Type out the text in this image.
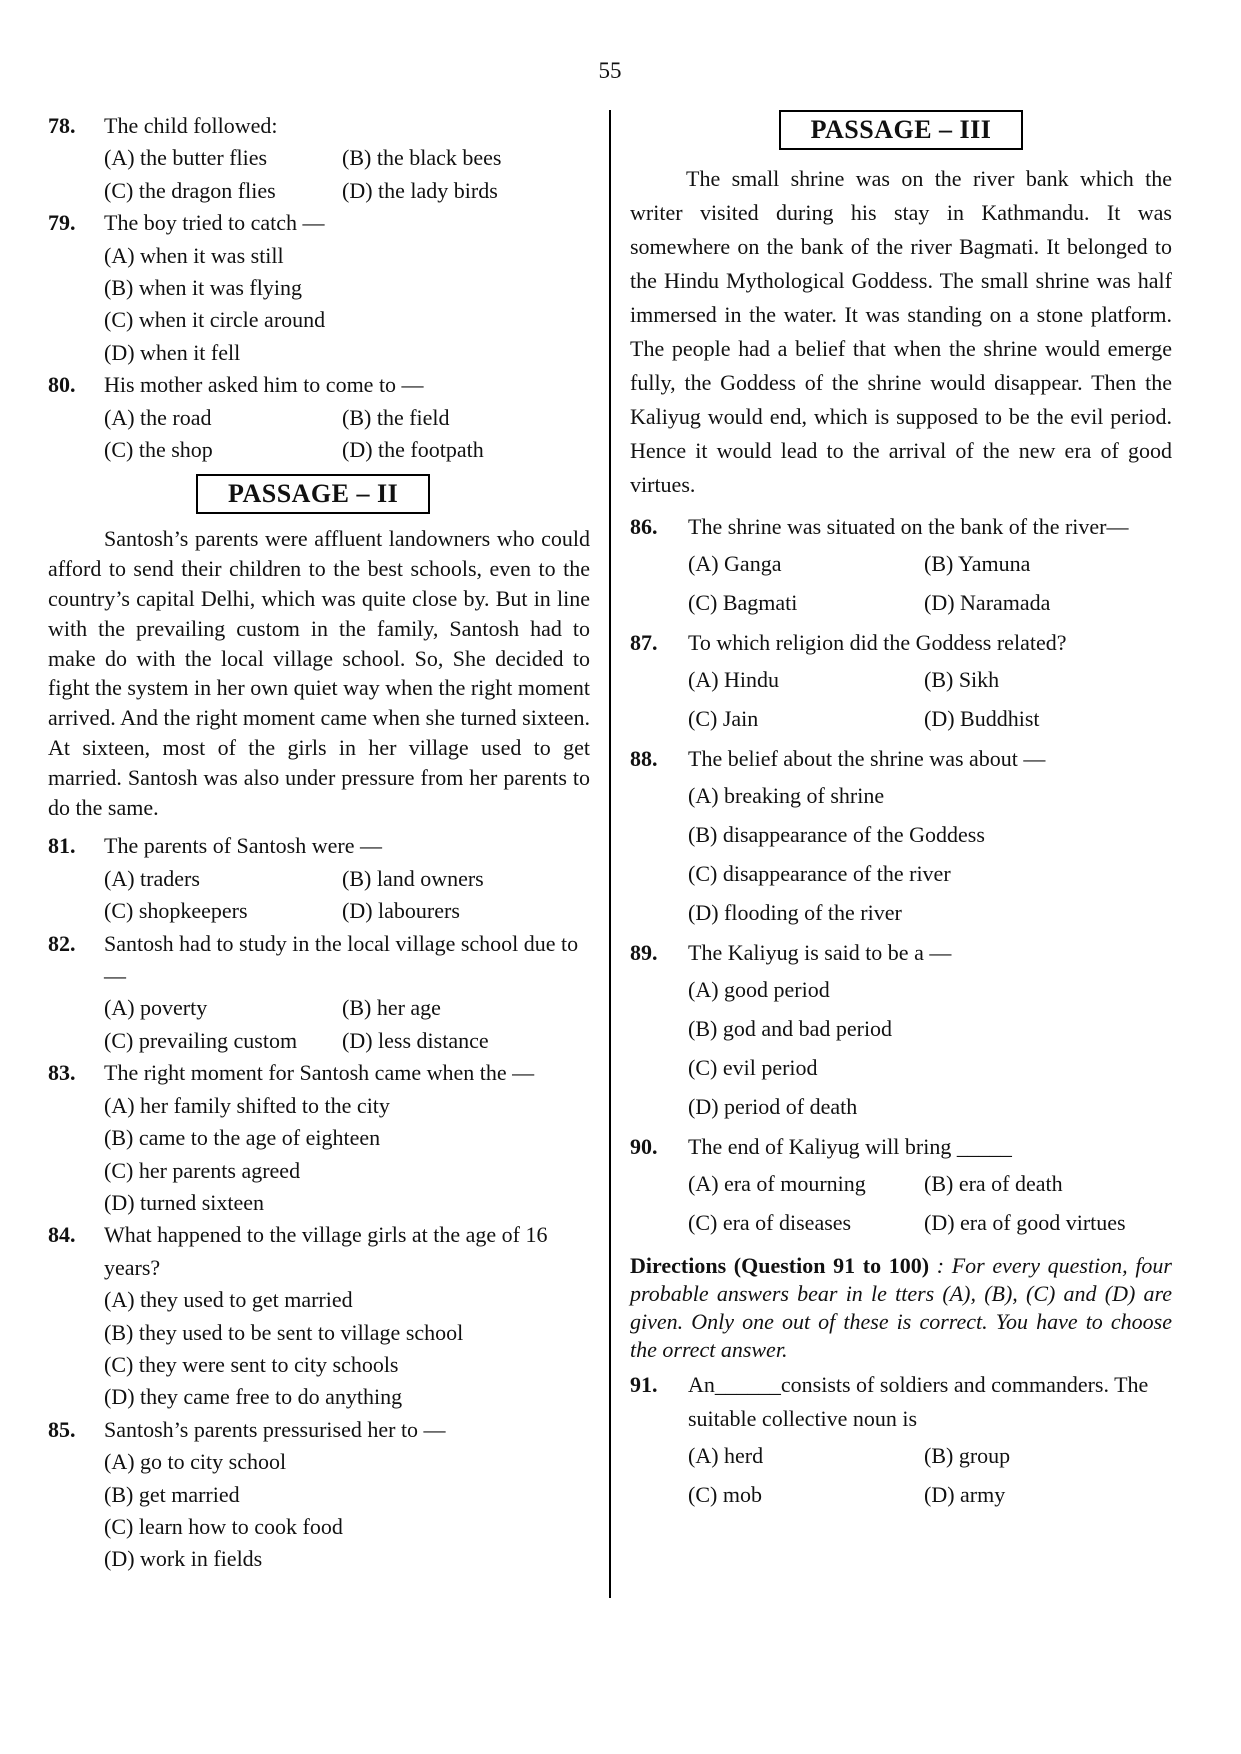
55
78.	The child followed:
(A) the butter flies	(B) the black bees
(C) the dragon flies	(D) the lady birds
79.	The boy tried to catch —
(A) when it was still
(B) when it was flying
(C) when it circle around
(D) when it fell
80.	His mother asked him to come to —
(A) the road	(B) the field
(C) the shop	(D) the footpath
PASSAGE – II

Santosh’s parents were affluent landowners who could afford to send their children to the best schools, even to the country’s capital Delhi, which was quite close by. But in line with the prevailing custom in the family, Santosh had to make do with the local village school. So, She decided to fight the system in her own quiet way when the right moment arrived. And the right moment came when she turned sixteen. At sixteen, most of the girls in her village used to get married. Santosh was also under pressure from her parents to do the same.

81.	The parents of Santosh were —
(A) traders	(B) land owners
(C) shopkeepers	(D) labourers
82.	Santosh had to study in the local village school due to —
(A) poverty	(B) her age
(C) prevailing custom	(D) less distance
83.	The right moment for Santosh came when the —
(A) her family shifted to the city
(B) came to the age of eighteen
(C) her parents agreed
(D) turned sixteen
84.	What happened to the village girls at the age of 16 years?
(A) they used to get married
(B) they used to be sent to village school
(C) they were sent to city schools
(D) they came free to do anything
85.	Santosh’s parents pressurised her to —
(A) go to city school
(B) get married
(C) learn how to cook food
(D) work in fields
PASSAGE – III

The small shrine was on the river bank which the writer visited during his stay in Kathmandu. It was somewhere on the bank of the river Bagmati. It belonged to the Hindu Mythological Goddess. The small shrine was half immersed in the water. It was standing on a stone platform. The people had a belief that when the shrine would emerge fully, the Goddess of the shrine would disappear. Then the Kaliyug would end, which is supposed to be the evil period. Hence it would lead to the arrival of the new era of good virtues.

86.	The shrine was situated on the bank of the river—
(A) Ganga	(B) Yamuna
(C) Bagmati	(D) Naramada
87.	To which religion did the Goddess related?
(A) Hindu	(B) Sikh
(C) Jain	(D) Buddhist
88.	The belief about the shrine was about —
(A) breaking of shrine
(B) disappearance of the Goddess
(C) disappearance of the river
(D) flooding of the river
89.	The Kaliyug is said to be a —
(A) good period
(B) god and bad period
(C) evil period
(D) period of death
90.	The end of Kaliyug will bring _____
(A) era of mourning	(B) era of death
(C) era of diseases	(D) era of good virtues
Directions (Question 91 to 100) : For every question, four probable answers bear in le tters (A), (B), (C) and (D) are given. Only one out of these is correct. You have to choose the orrect answer.
91.	An______consists of soldiers and commanders. The suitable collective noun is
(A) herd	(B) group
(C) mob	(D) army
